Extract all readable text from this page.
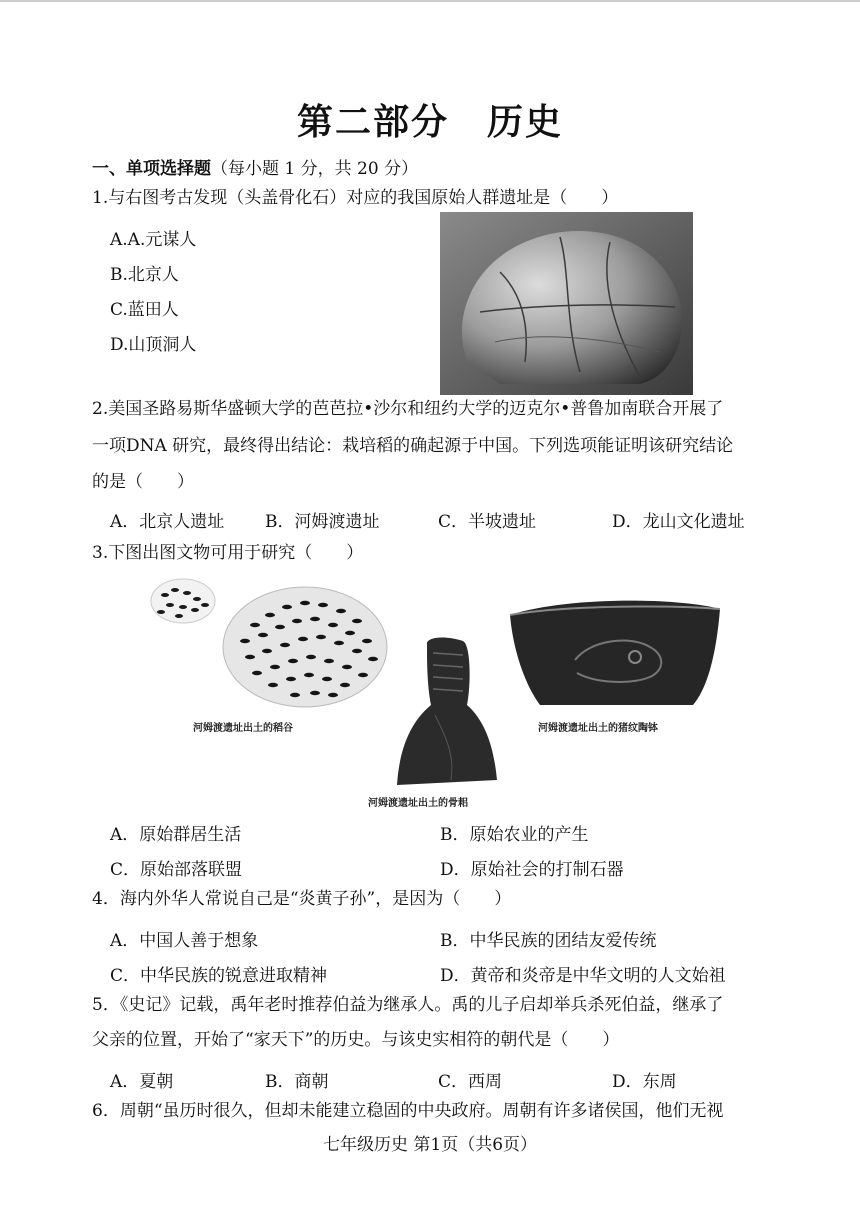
第二部分　历史
一、单项选择题（每小题 1 分，共 20 分）
1.与右图考古发现（头盖骨化石）对应的我国原始人群遗址是（　　）
A.A.元谋人
B.北京人
C.蓝田人
D.山顶洞人
2.美国圣路易斯华盛顿大学的芭芭拉•沙尔和纽约大学的迈克尔•普鲁加南联合开展了
一项DNA 研究，最终得出结论：栽培稻的确起源于中国。下列选项能证明该研究结论
的是（　　）
A．北京人遗址 B．河姆渡遗址	C．半坡遗址	D．龙山文化遗址
3.下图出图文物可用于研究（　　）
河姆渡遗址出土的稻谷
河姆渡遗址出土的骨耜
河姆渡遗址出土的猪纹陶钵
A．原始群居生活	B．原始农业的产生
C．原始部落联盟	D．原始社会的打制石器
4．海内外华人常说自己是“炎黄子孙”，是因为（　　）
A．中国人善于想象	B．中华民族的团结友爱传统
C．中华民族的锐意进取精神	D．黄帝和炎帝是中华文明的人文始祖
5．《史记》记载，禹年老时推荐伯益为继承人。禹的儿子启却举兵杀死伯益，继承了
父亲的位置，开始了“家天下”的历史。与该史实相符的朝代是（　　）
A．夏朝	B．商朝	C．西周	D．东周
6．周朝“虽历时很久，但却未能建立稳固的中央政府。周朝有许多诸侯国，他们无视
七年级历史 第1页（共6页）
